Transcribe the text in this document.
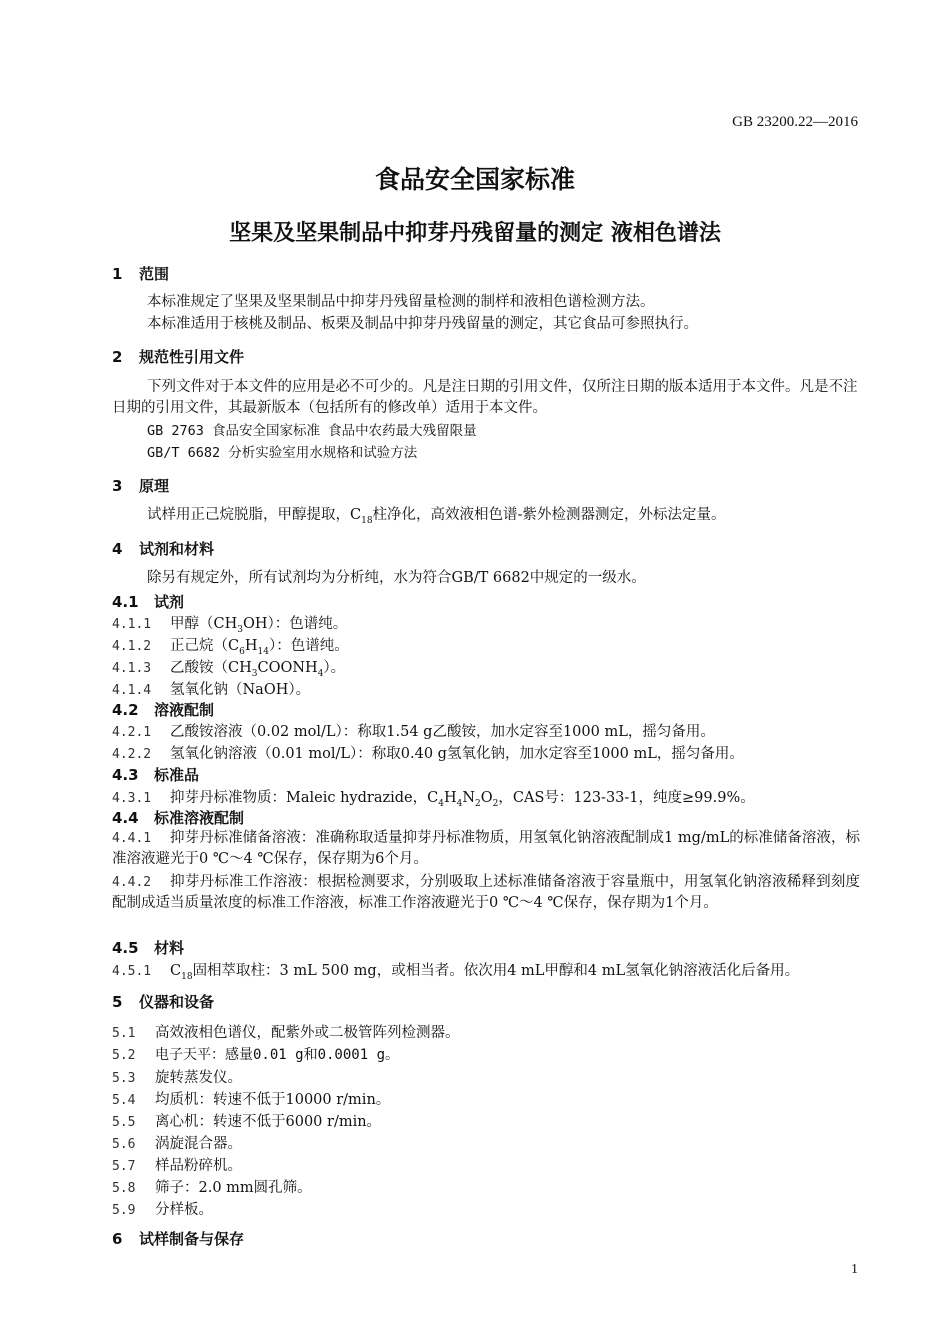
GB 23200.22—2016
食品安全国家标准
坚果及坚果制品中抑芽丹残留量的测定 液相色谱法
1 范围
本标准规定了坚果及坚果制品中抑芽丹残留量检测的制样和液相色谱检测方法。
本标准适用于核桃及制品、板栗及制品中抑芽丹残留量的测定，其它食品可参照执行。
2 规范性引用文件
下列文件对于本文件的应用是必不可少的。凡是注日期的引用文件，仅所注日期的版本适用于本文件。凡是不注日期的引用文件，其最新版本（包括所有的修改单）适用于本文件。
GB 2763 食品安全国家标准 食品中农药最大残留限量
GB/T 6682 分析实验室用水规格和试验方法
3 原理
试样用正己烷脱脂，甲醇提取，$C_{18}$柱净化，高效液相色谱-紫外检测器测定，外标法定量。
4 试剂和材料
除另有规定外，所有试剂均为分析纯，水为符合GB/T 6682中规定的一级水。
4.1 试剂
4.1.1 甲醇$(CH_3OH)$：色谱纯。
4.1.2 正己烷$(C_6H_{14})$：色谱纯。
4.1.3 乙酸铵$(CH_3COONH_4)$。
4.1.4 氢氧化钠（NaOH）。
4.2 溶液配制
4.2.1 乙酸铵溶液（0.02 mol/L）：称取1.54 g乙酸铵，加水定容至1000 mL，摇匀备用。
4.2.2 氢氧化钠溶液（0.01 mol/L）：称取0.40 g氢氧化钠，加水定容至1000 mL，摇匀备用。
4.3 标准品
4.3.1 抑芽丹标准物质：Maleic hydrazide，$C_4H_4N_2O_2$，CAS号：123-33-1，纯度≥99.9%。
4.4 标准溶液配制
4.4.1 抑芽丹标准储备溶液：准确称取适量抑芽丹标准物质，用氢氧化钠溶液配制成1 mg/mL的标准储备溶液，标准溶液避光于0 ℃～4 ℃保存，保存期为6个月。
4.4.2 抑芽丹标准工作溶液：根据检测要求，分别吸取上述标准储备溶液于容量瓶中，用氢氧化钠溶液稀释到刻度配制成适当质量浓度的标准工作溶液，标准工作溶液避光于0 ℃～4 ℃保存，保存期为1个月。
4.5 材料
4.5.1 $C_{18}$固相萃取柱：3 mL 500 mg，或相当者。依次用4 mL甲醇和4 mL氢氧化钠溶液活化后备用。
5 仪器和设备
5.1 高效液相色谱仪，配紫外或二极管阵列检测器。
5.2 电子天平：感量0.01 g和0.0001 g。
5.3 旋转蒸发仪。
5.4 均质机：转速不低于10000 r/min。
5.5 离心机：转速不低于6000 r/min。
5.6 涡旋混合器。
5.7 样品粉碎机。
5.8 筛子：2.0 mm圆孔筛。
5.9 分样板。
6 试样制备与保存
1
